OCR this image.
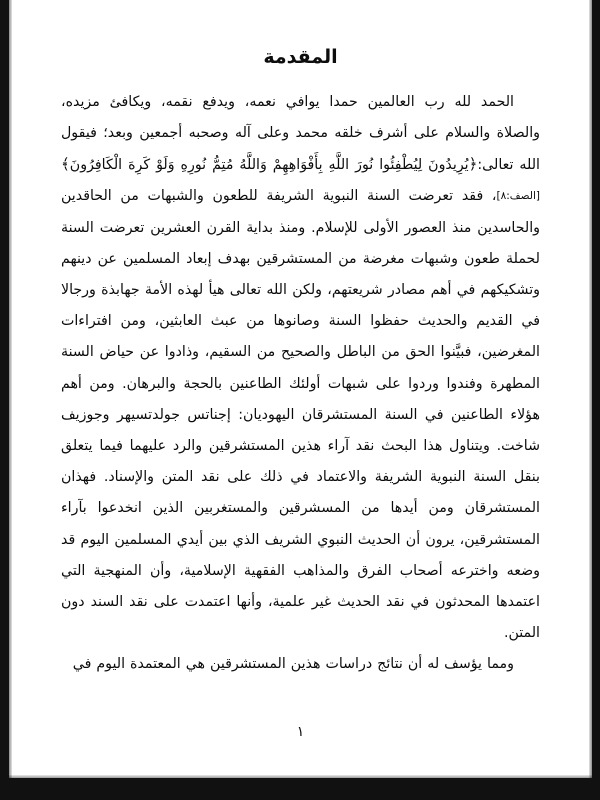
المقدمة

الحمد لله رب العالمين حمدا يوافي نعمه، ويدفع نقمه، ويكافئ مزيده، والصلاة والسلام على أشرف خلقه محمد وعلى آله وصحبه أجمعين وبعد؛ فيقول الله تعالى:﴿يُرِيدُونَ لِيُطْفِئُوا نُورَ اللَّهِ بِأَفْوَاهِهِمْ وَاللَّهُ مُتِمُّ نُورِهِ وَلَوْ كَرِهَ الْكَافِرُونَ﴾[الصف:٨]، فقد تعرضت السنة النبوية الشريفة للطعون والشبهات من الحاقدين والحاسدين منذ العصور الأولى للإسلام. ومنذ بداية القرن العشرين تعرضت السنة لحملة طعون وشبهات مغرضة من المستشرقين بهدف إبعاد المسلمين عن دينهم وتشكيكهم في أهم مصادر شريعتهم، ولكن الله تعالى هيأ لهذه الأمة جهابذة ورجالا في القديم والحديث حفظوا السنة وصانوها من عبث العابثين، ومن افتراءات المغرضين، فبيَّنوا الحق من الباطل والصحيح من السقيم، وذادوا عن حياض السنة المطهرة وفندوا وردوا على شبهات أولئك الطاعنين بالحجة والبرهان. ومن أهم هؤلاء الطاعنين في السنة المستشرقان اليهوديان: إجناتس جولدتسيهر وجوزيف شاخت. ويتناول هذا البحث نقد آراء هذين المستشرقين والرد عليهما فيما يتعلق بنقل السنة النبوية الشريفة والاعتماد في ذلك على نقد المتن والإسناد. فهذان المستشرقان ومن أيدها من المسشرقين والمستغربين الذين انخدعوا بآراء المستشرقين، يرون أن الحديث النبوي الشريف الذي بين أيدي المسلمين اليوم قد وضعه واخترعه أصحاب الفرق والمذاهب الفقهية الإسلامية، وأن المنهجية التي اعتمدها المحدثون في نقد الحديث غير علمية، وأنها اعتمدت على نقد السند دون المتن.

ومما يؤسف له أن نتائج دراسات هذين المستشرقين هي المعتمدة اليوم في

١
